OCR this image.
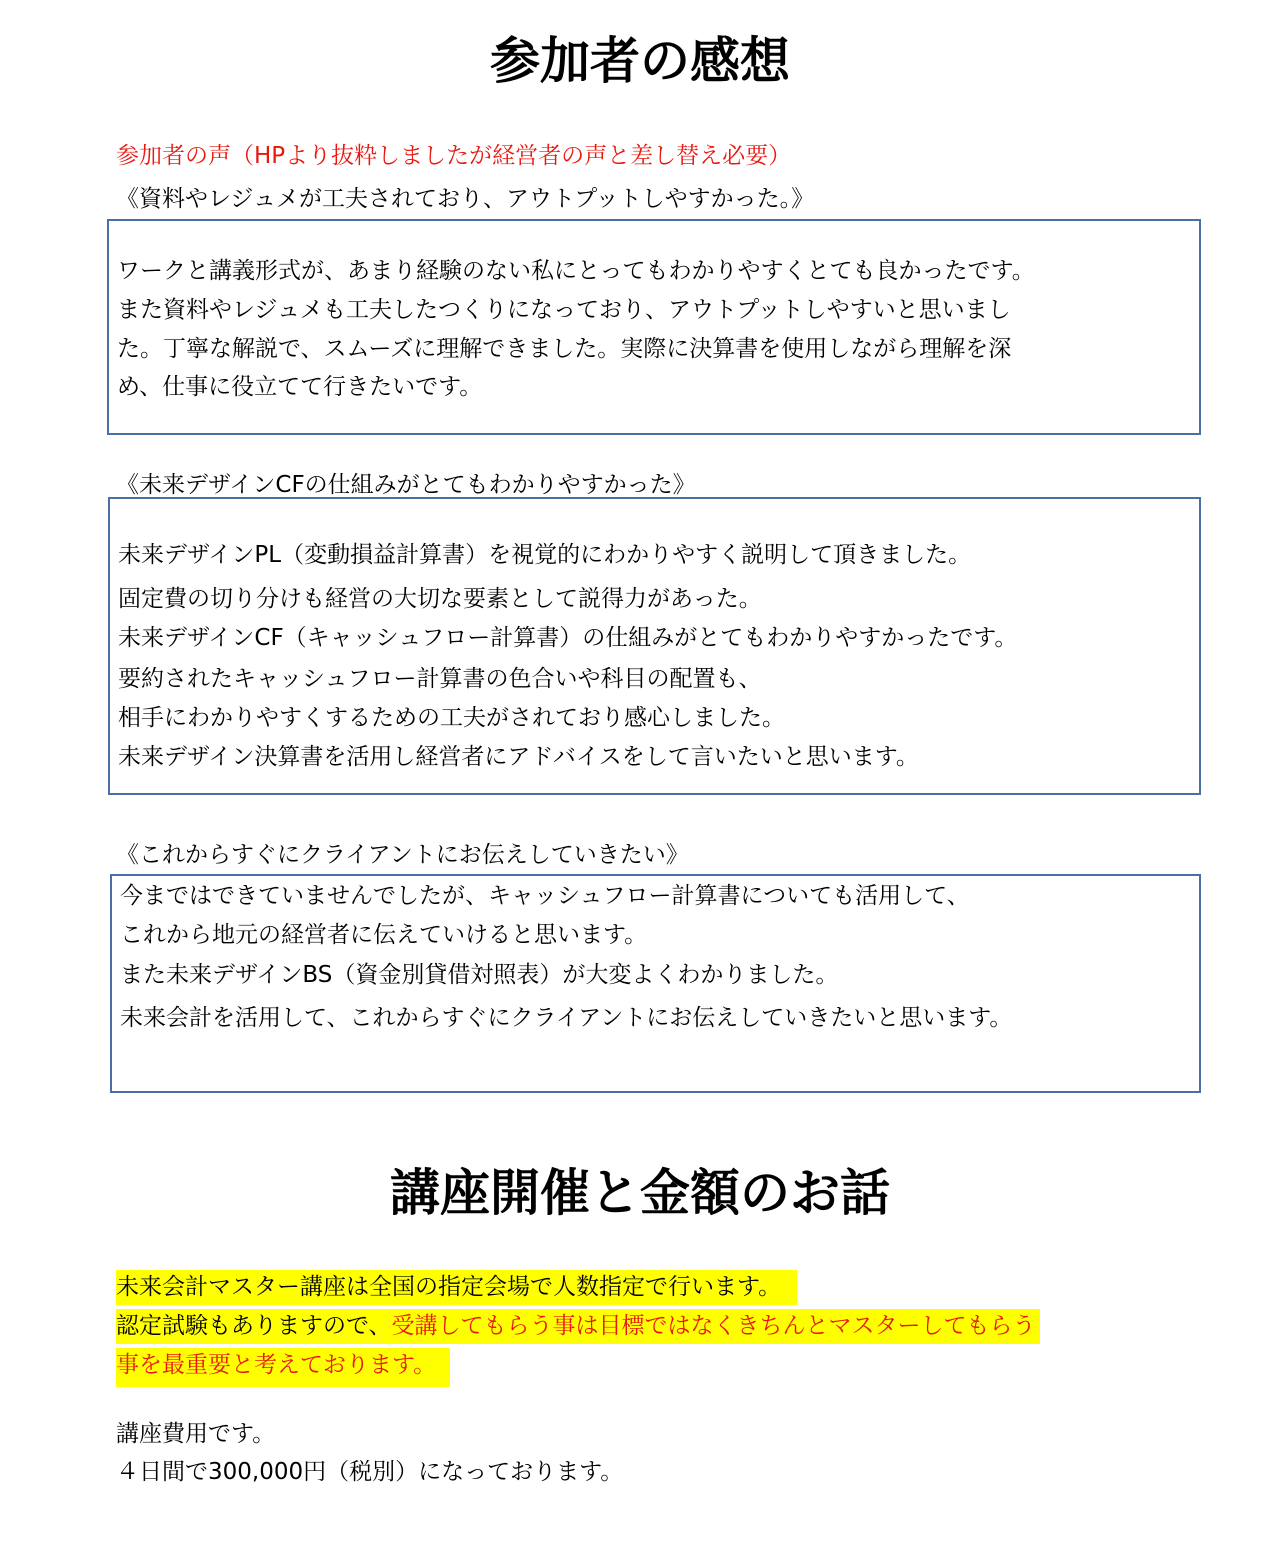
参加者の感想

参加者の声（HPより抜粋しましたが経営者の声と差し替え必要）

《資料やレジュメが工夫されており、アウトプットしやすかった。》

ワークと講義形式が、あまり経験のない私にとってもわかりやすくとても良かったです。

また資料やレジュメも工夫したつくりになっており、アウトプットしやすいと思いまし

た。丁寧な解説で、スムーズに理解できました。実際に決算書を使用しながら理解を深

め、仕事に役立てて行きたいです。

《未来デザインCFの仕組みがとてもわかりやすかった》

未来デザインPL（変動損益計算書）を視覚的にわかりやすく説明して頂きました。

固定費の切り分けも経営の大切な要素として説得力があった。

未来デザインCF（キャッシュフロー計算書）の仕組みがとてもわかりやすかったです。

要約されたキャッシュフロー計算書の色合いや科目の配置も、

相手にわかりやすくするための工夫がされており感心しました。

未来デザイン決算書を活用し経営者にアドバイスをして言いたいと思います。

《これからすぐにクライアントにお伝えしていきたい》

今まではできていませんでしたが、キャッシュフロー計算書についても活用して、

これから地元の経営者に伝えていけると思います。

また未来デザインBS（資金別貸借対照表）が大変よくわかりました。

未来会計を活用して、これからすぐにクライアントにお伝えしていきたいと思います。

講座開催と金額のお話

未来会計マスター講座は全国の指定会場で人数指定で行います。

認定試験もありますので、受講してもらう事は目標ではなくきちんとマスターしてもらう

事を最重要と考えております。

講座費用です。

４日間で300,000円（税別）になっております。
